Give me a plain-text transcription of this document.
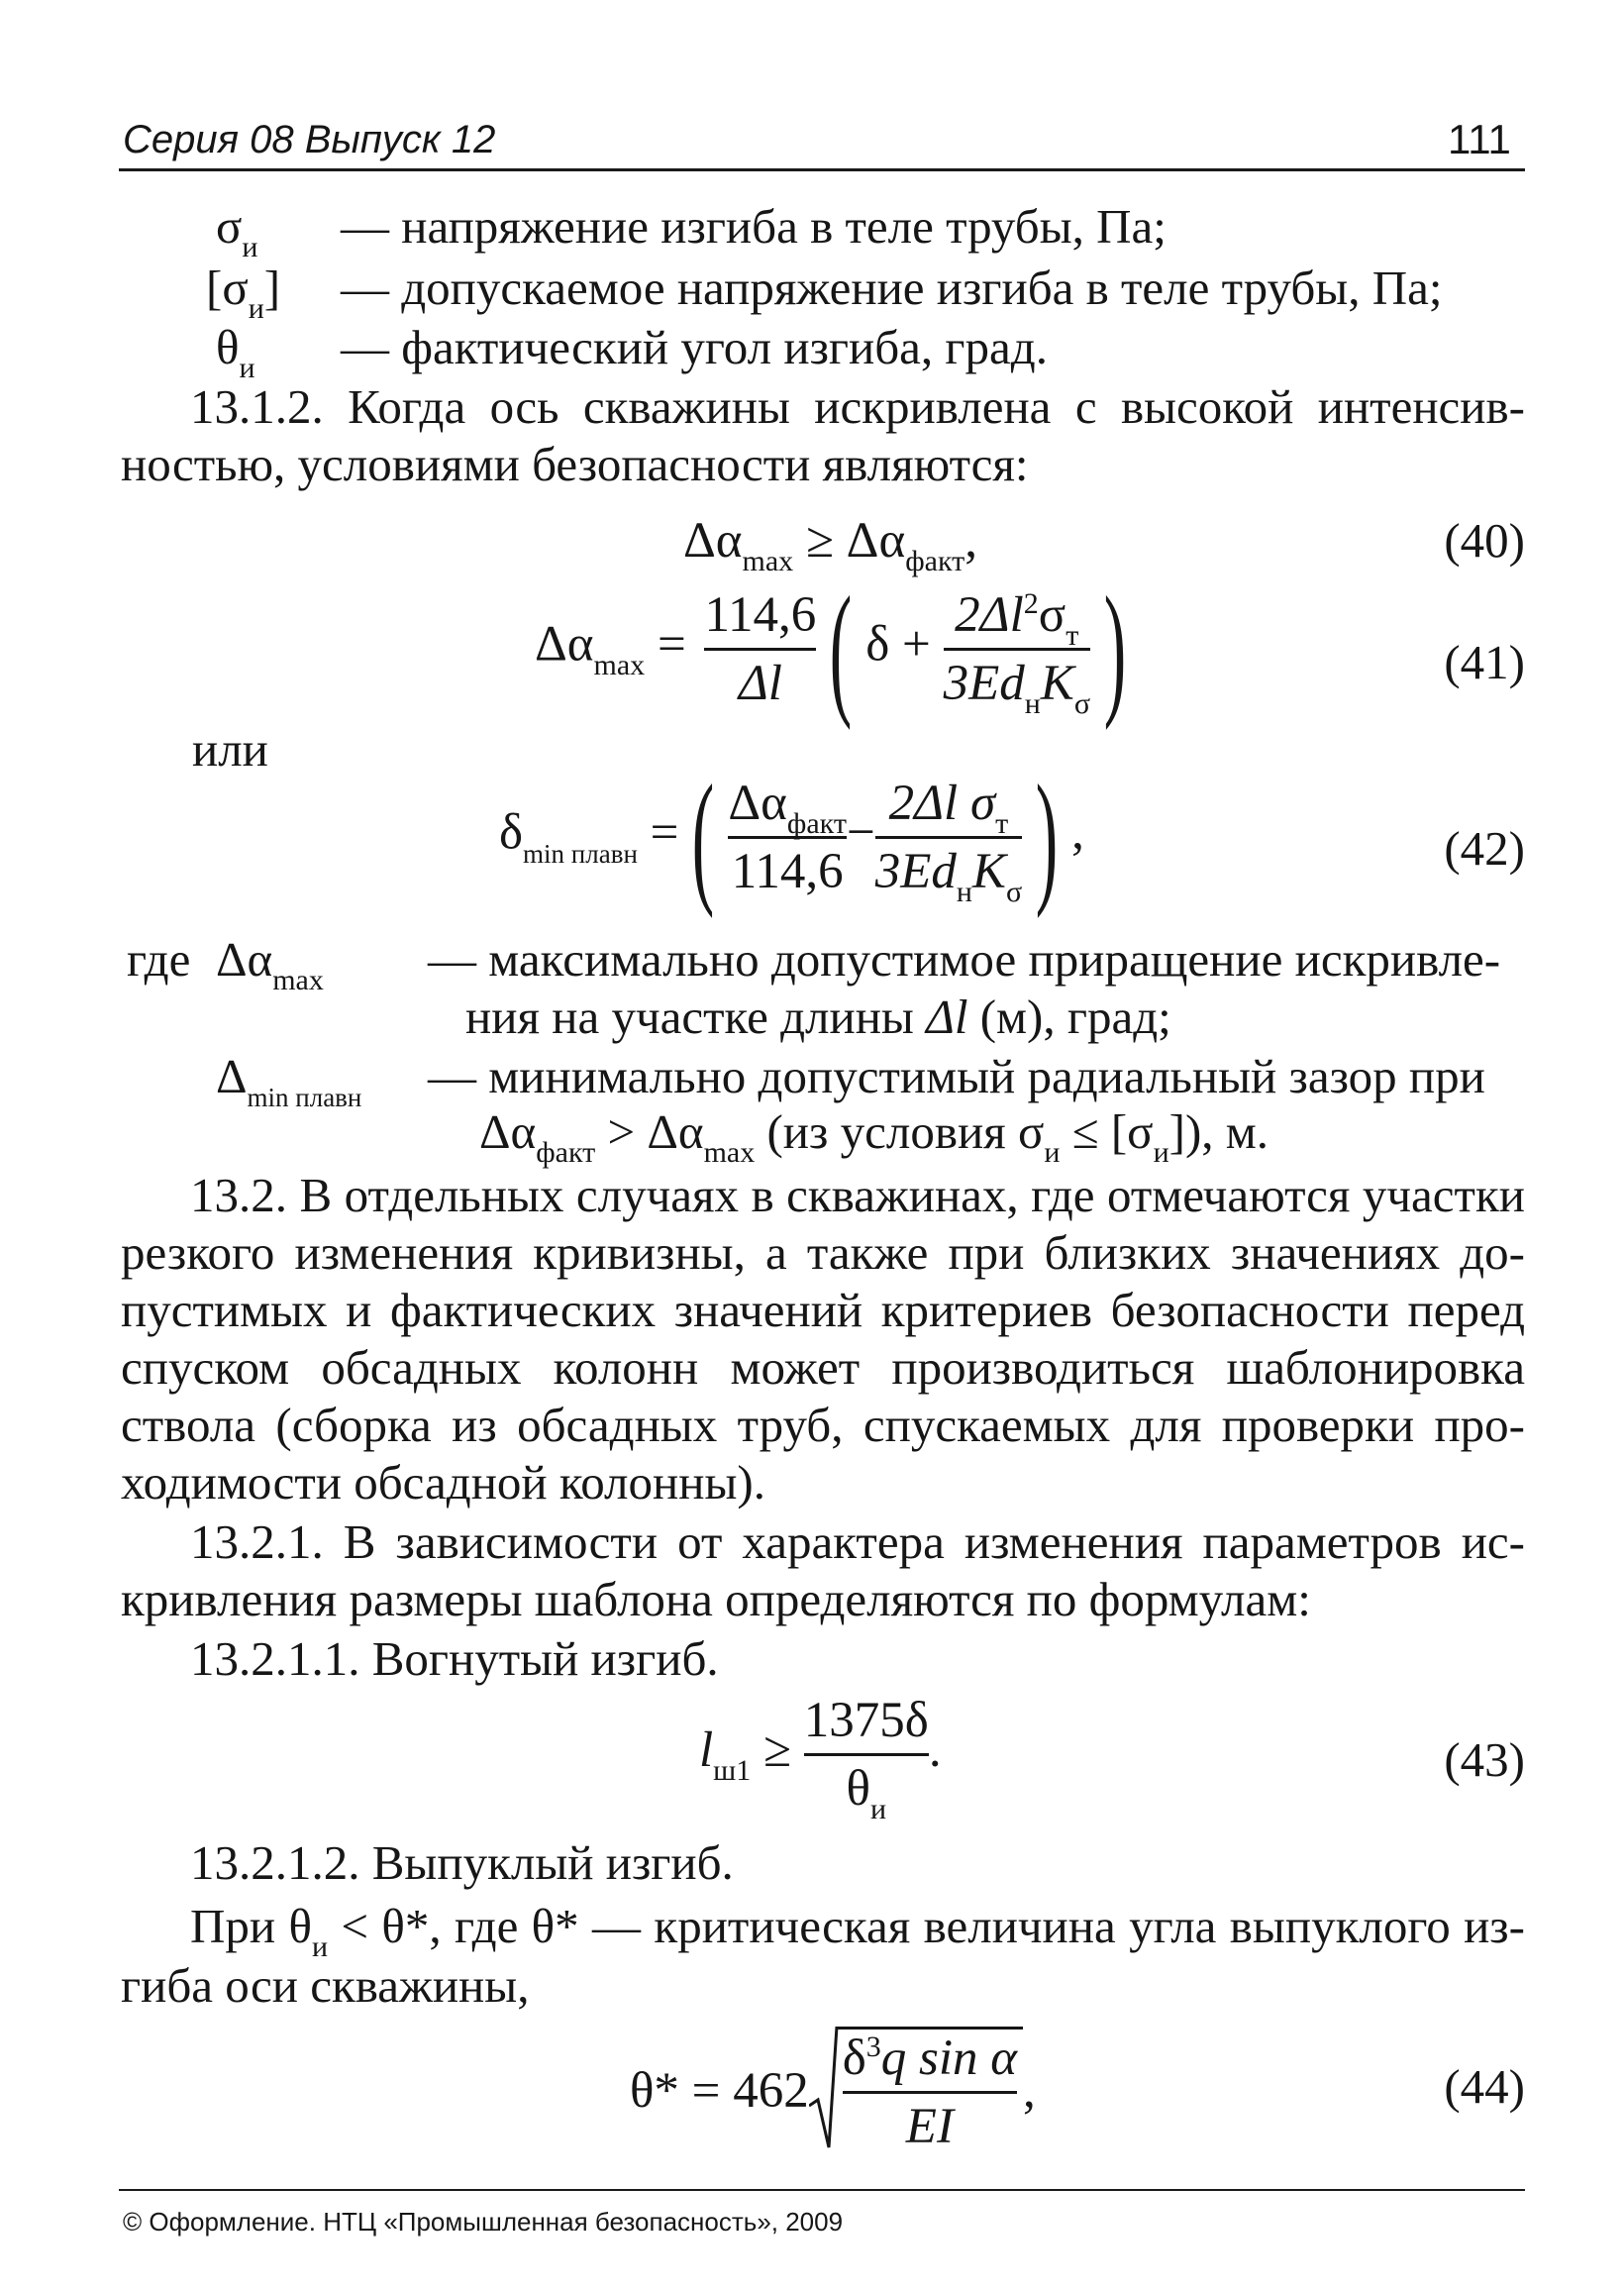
Серия 08 Выпуск 12	111
$\sigma_и$ — напряжение изгиба в теле трубы, Па;
$[\sigma_и]$ — допускаемое напряжение изгиба в теле трубы, Па;
$\theta_и$ — фактический угол изгиба, град.
13.1.2. Когда ось скважины искривлена с высокой интенсив-
ностью, условиями безопасности являются:
$\Delta\alpha_{max} \ge \Delta\alpha_{факт}$,	(40)
$\Delta\alpha_{max} = \frac{114,6}{\Delta l}$ ( $\delta + \frac{2\Delta l^2\sigma_т}{3Ed_нK_\sigma}$ )	(41)
или
$\delta_{min плавн}$ =( $\frac{\Delta\alpha_{факт}}{114,6} - \frac{2\Delta l \sigma_т}{3Ed_нK_\sigma}$ ) ,	(42)
где $\Delta\alpha_{max}$ — максимально допустимое приращение искривле-
ния на участке длины Δl (м), град;
$\Delta_{min плавн}$ — минимально допустимый радиальный зазор при
$\Delta\alpha_{факт} > \Delta\alpha_{max}$ (из условия $\sigma_и \le [\sigma_и]$), м.
13.2. В отдельных случаях в скважинах, где отмечаются участки
резкого изменения кривизны, а также при близких значениях до-
пустимых и фактических значений критериев безопасности перед
спуском обсадных колонн может производиться шаблонировка
ствола (сборка из обсадных труб, спускаемых для проверки про-
ходимости обсадной колонны).
13.2.1. В зависимости от характера изменения параметров ис-
кривления размеры шаблона определяются по формулам:
13.2.1.1. Вогнутый изгиб.
$l_{ш1} \ge \frac{1375\delta}{\theta_и}$ .	(43)
13.2.1.2. Выпуклый изгиб.
При $\theta_и < \theta*$, где θ* — критическая величина угла выпуклого из-
гиба оси скважины,
$\theta* = 462 \frac{\delta^3q \sin \alpha}{EI}$ ,	(44)
© Оформление. НТЦ «Промышленная безопасность», 2009
